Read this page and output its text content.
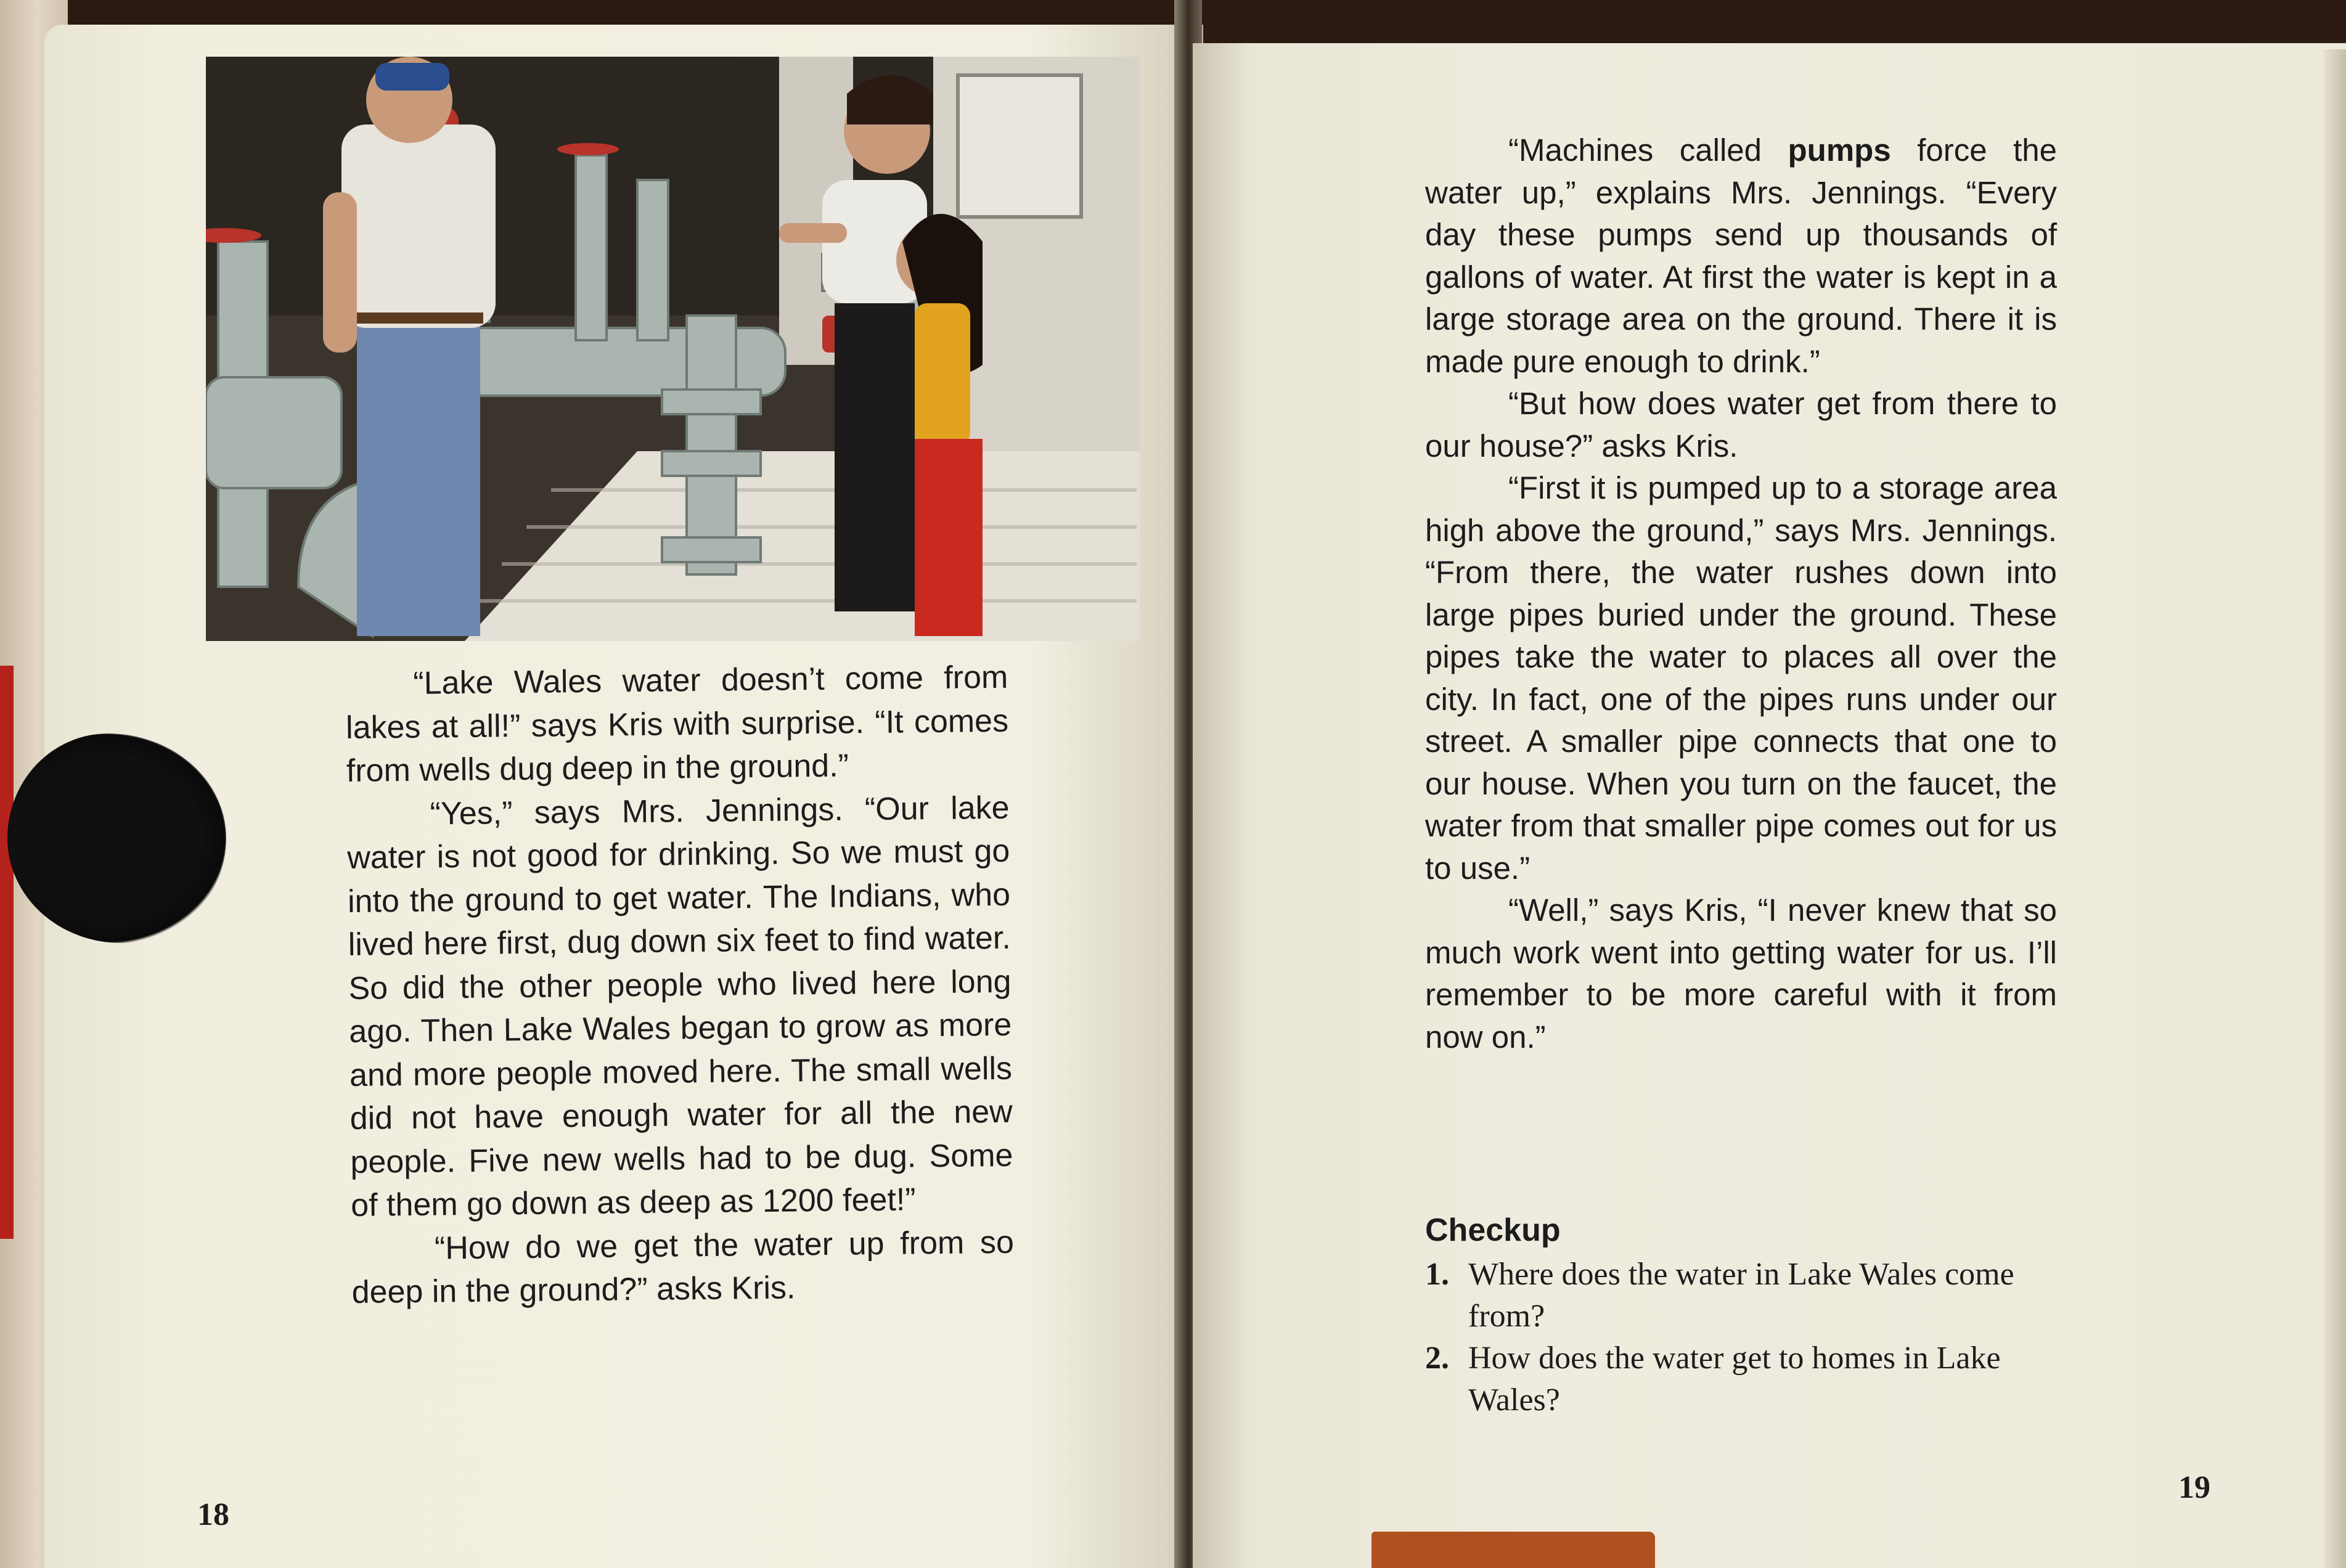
“Lake Wales water doesn’t come from lakes at all!” says Kris with surprise. “It comes from wells dug deep in the ground.”

“Yes,” says Mrs. Jennings. “Our lake water is not good for drinking. So we must go into the ground to get water. The Indians, who lived here first, dug down six feet to find water. So did the other people who lived here long ago. Then Lake Wales began to grow as more and more people moved here. The small wells did not have enough water for all the new people. Five new wells had to be dug. Some of them go down as deep as 1200 feet!”

“How do we get the water up from so deep in the ground?” asks Kris.

18

“Machines called pumps force the water up,” explains Mrs. Jennings. “Every day these pumps send up thousands of gallons of water. At first the water is kept in a large storage area on the ground. There it is made pure enough to drink.”

“But how does water get from there to our house?” asks Kris.

“First it is pumped up to a storage area high above the ground,” says Mrs. Jennings. “From there, the water rushes down into large pipes buried under the ground. These pipes take the water to places all over the city. In fact, one of the pipes runs under our street. A smaller pipe connects that one to our house. When you turn on the faucet, the water from that smaller pipe comes out for us to use.”

“Well,” says Kris, “I never knew that so much work went into getting water for us. I’ll remember to be more careful with it from now on.”

Checkup
1. Where does the water in Lake Wales come from?
2. How does the water get to homes in Lake Wales?
19
